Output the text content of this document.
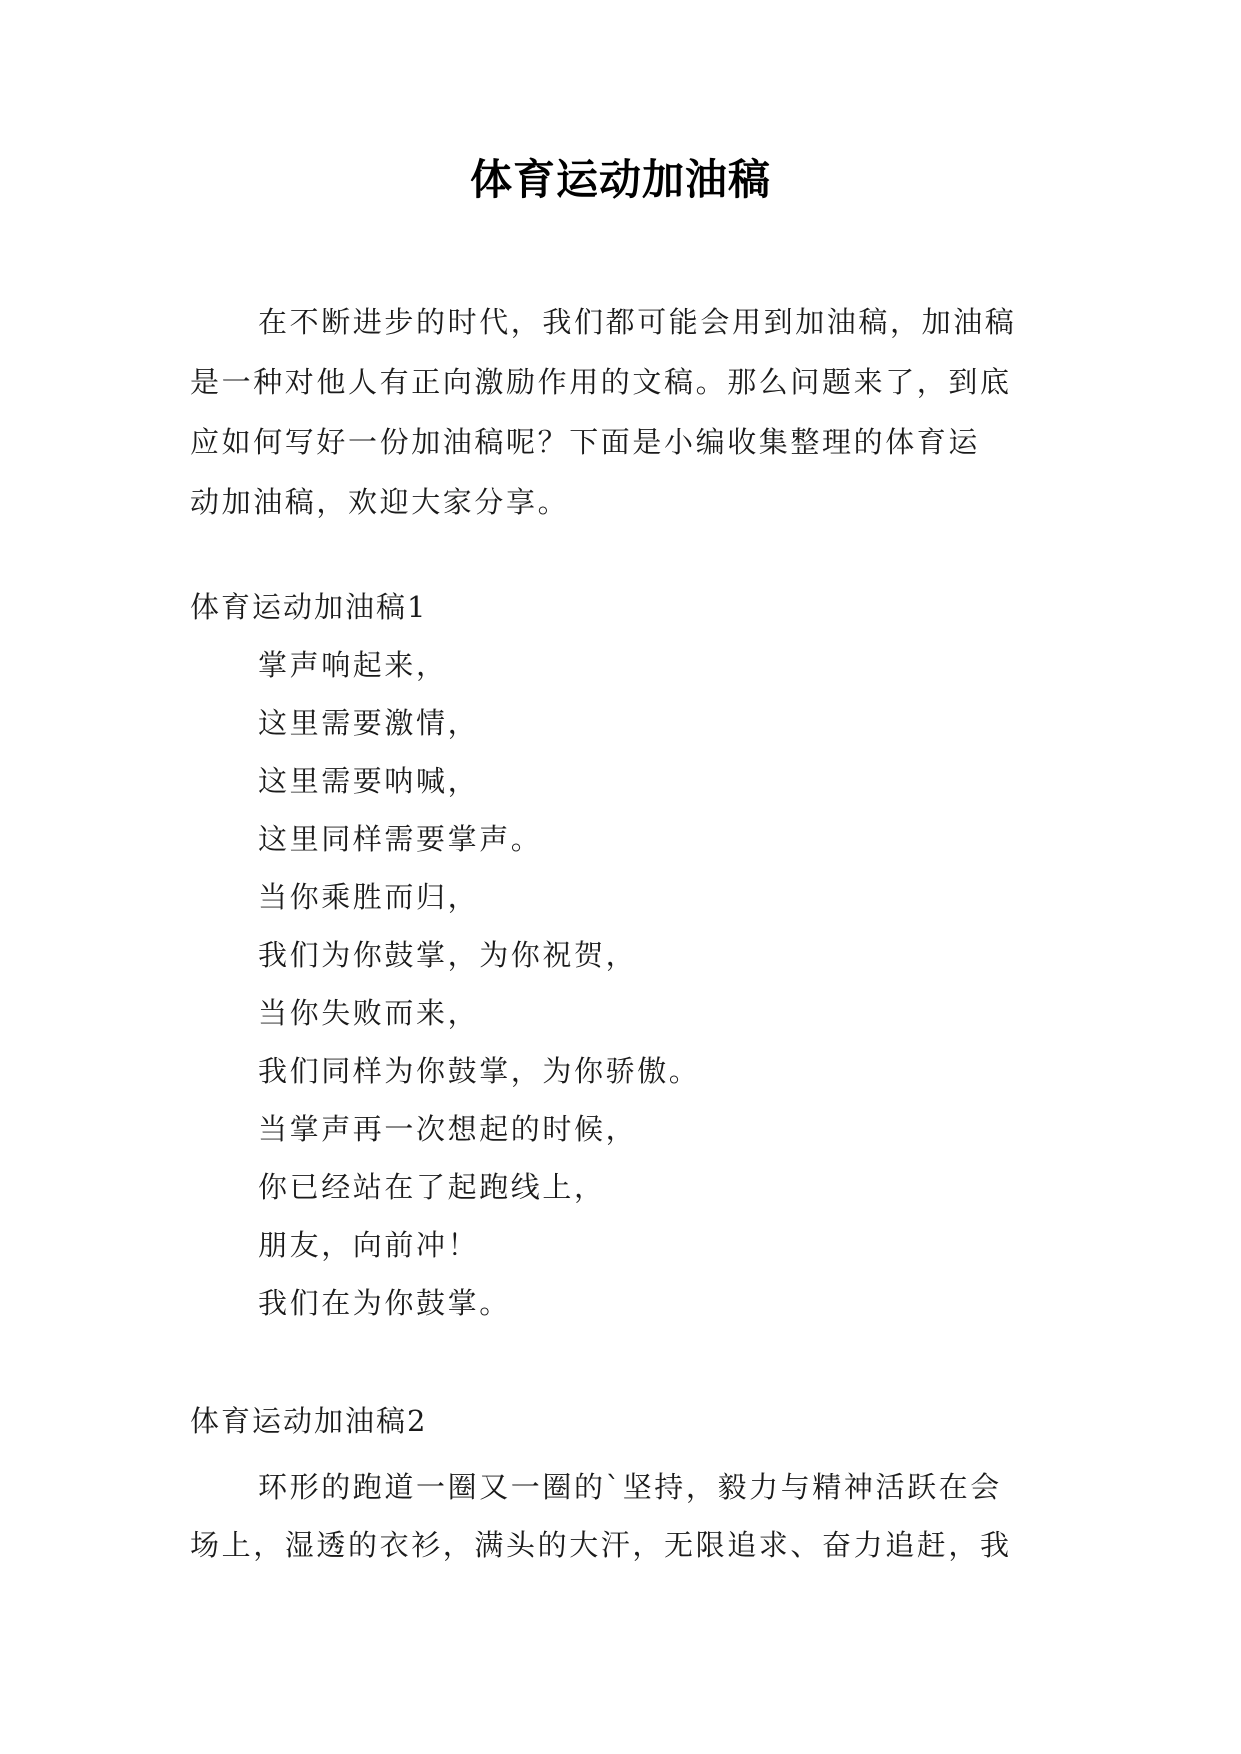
体育运动加油稿
在不断进步的时代，我们都可能会用到加油稿，加油稿
是一种对他人有正向激励作用的文稿。那么问题来了，到底
应如何写好一份加油稿呢？下面是小编收集整理的体育运
动加油稿，欢迎大家分享。
体育运动加油稿1
掌声响起来，
这里需要激情，
这里需要呐喊，
这里同样需要掌声。
当你乘胜而归，
我们为你鼓掌，为你祝贺，
当你失败而来，
我们同样为你鼓掌，为你骄傲。
当掌声再一次想起的时候，
你已经站在了起跑线上，
朋友，向前冲！
我们在为你鼓掌。
体育运动加油稿2
环形的跑道一圈又一圈的`坚持，毅力与精神活跃在会
场上，湿透的衣衫，满头的大汗，无限追求、奋力追赶，我
